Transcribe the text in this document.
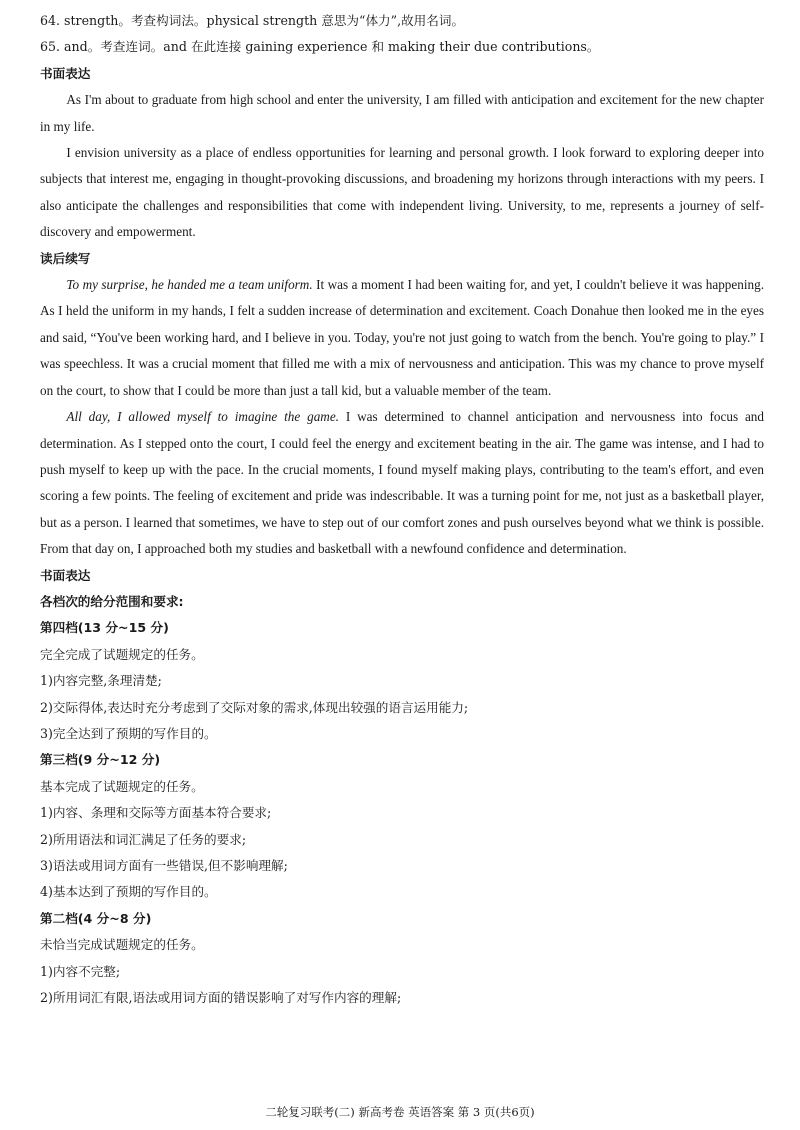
64. strength。考查构词法。physical strength 意思为“体力”,故用名词。

65. and。考查连词。and 在此连接 gaining experience 和 making their due contributions。

书面表达

As I'm about to graduate from high school and enter the university, I am filled with anticipation and excitement for the new chapter in my life.

I envision university as a place of endless opportunities for learning and personal growth. I look forward to exploring deeper into subjects that interest me, engaging in thought-provoking discussions, and broadening my horizons through interactions with my peers. I also anticipate the challenges and responsibilities that come with independent living. University, to me, represents a journey of self-discovery and empowerment.

读后续写

To my surprise, he handed me a team uniform. It was a moment I had been waiting for, and yet, I couldn't believe it was happening. As I held the uniform in my hands, I felt a sudden increase of determination and excitement. Coach Donahue then looked me in the eyes and said, “You've been working hard, and I believe in you. Today, you're not just going to watch from the bench. You're going to play.” I was speechless. It was a crucial moment that filled me with a mix of nervousness and anticipation. This was my chance to prove myself on the court, to show that I could be more than just a tall kid, but a valuable member of the team.

All day, I allowed myself to imagine the game. I was determined to channel anticipation and nervousness into focus and determination. As I stepped onto the court, I could feel the energy and excitement beating in the air. The game was intense, and I had to push myself to keep up with the pace. In the crucial moments, I found myself making plays, contributing to the team's effort, and even scoring a few points. The feeling of excitement and pride was indescribable. It was a turning point for me, not just as a basketball player, but as a person. I learned that sometimes, we have to step out of our comfort zones and push ourselves beyond what we think is possible. From that day on, I approached both my studies and basketball with a newfound confidence and determination.

书面表达

各档次的给分范围和要求:

第四档(13 分~15 分)

完全完成了试题规定的任务。

1)内容完整,条理清楚;

2)交际得体,表达时充分考虑到了交际对象的需求,体现出较强的语言运用能力;

3)完全达到了预期的写作目的。

第三档(9 分~12 分)

基本完成了试题规定的任务。

1)内容、条理和交际等方面基本符合要求;

2)所用语法和词汇满足了任务的要求;

3)语法或用词方面有一些错误,但不影响理解;

4)基本达到了预期的写作目的。

第二档(4 分~8 分)

未恰当完成试题规定的任务。

1)内容不完整;

2)所用词汇有限,语法或用词方面的错误影响了对写作内容的理解;

二轮复习联考(二) 新高考卷 英语答案 第 3 页(共6页)
